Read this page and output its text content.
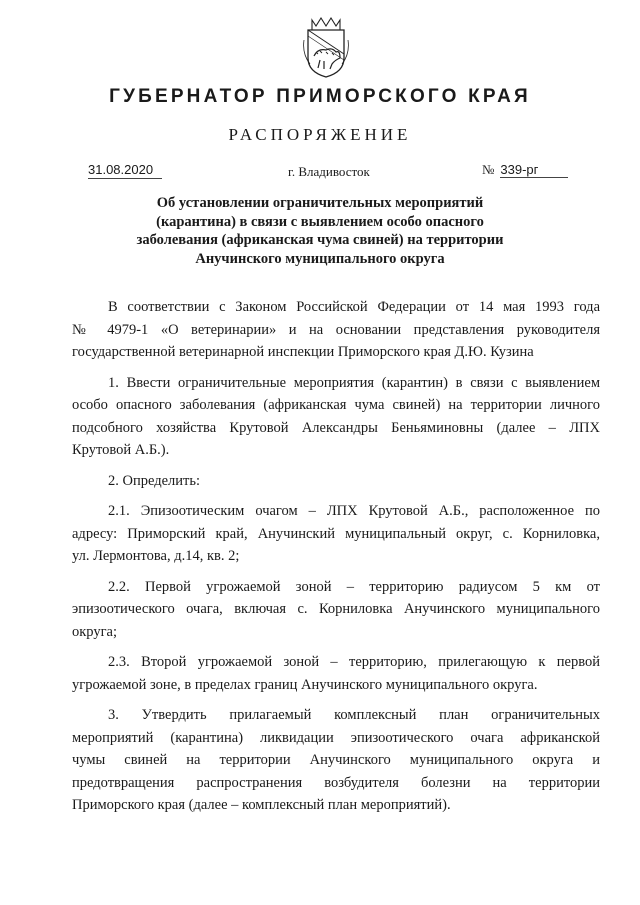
ГУБЕРНАТОР ПРИМОРСКОГО КРАЯ
РАСПОРЯЖЕНИЕ
31.08.2020	г. Владивосток	№ 339-рг
Об установлении ограничительных мероприятий
(карантина) в связи с выявлением особо опасного
заболевания (африканская чума свиней) на территории
Анучинского муниципального округа
В соответствии с Законом Российской Федерации от 14 мая 1993 года
№ 4979-1 «О ветеринарии» и на основании представления руководителя
государственной ветеринарной инспекции Приморского края Д.Ю. Кузина
1. Ввести ограничительные мероприятия (карантин) в связи с выявлением
особо опасного заболевания (африканская чума свиней) на территории личного
подсобного хозяйства Крутовой Александры Беньяминовны (далее – ЛПХ
Крутовой А.Б.).
2. Определить:
2.1. Эпизоотическим очагом – ЛПХ Крутовой А.Б., расположенное по
адресу: Приморский край, Анучинский муниципальный округ, с. Корниловка,
ул. Лермонтова, д.14, кв. 2;
2.2. Первой угрожаемой зоной – территорию радиусом 5 км от
эпизоотического очага, включая с. Корниловка Анучинского муниципального
округа;
2.3. Второй угрожаемой зоной – территорию, прилегающую к первой
угрожаемой зоне, в пределах границ Анучинского муниципального округа.
3. Утвердить прилагаемый комплексный план ограничительных
мероприятий (карантина) ликвидации эпизоотического очага африканской
чумы свиней на территории Анучинского муниципального округа и
предотвращения распространения возбудителя болезни на территории
Приморского края (далее – комплексный план мероприятий).
